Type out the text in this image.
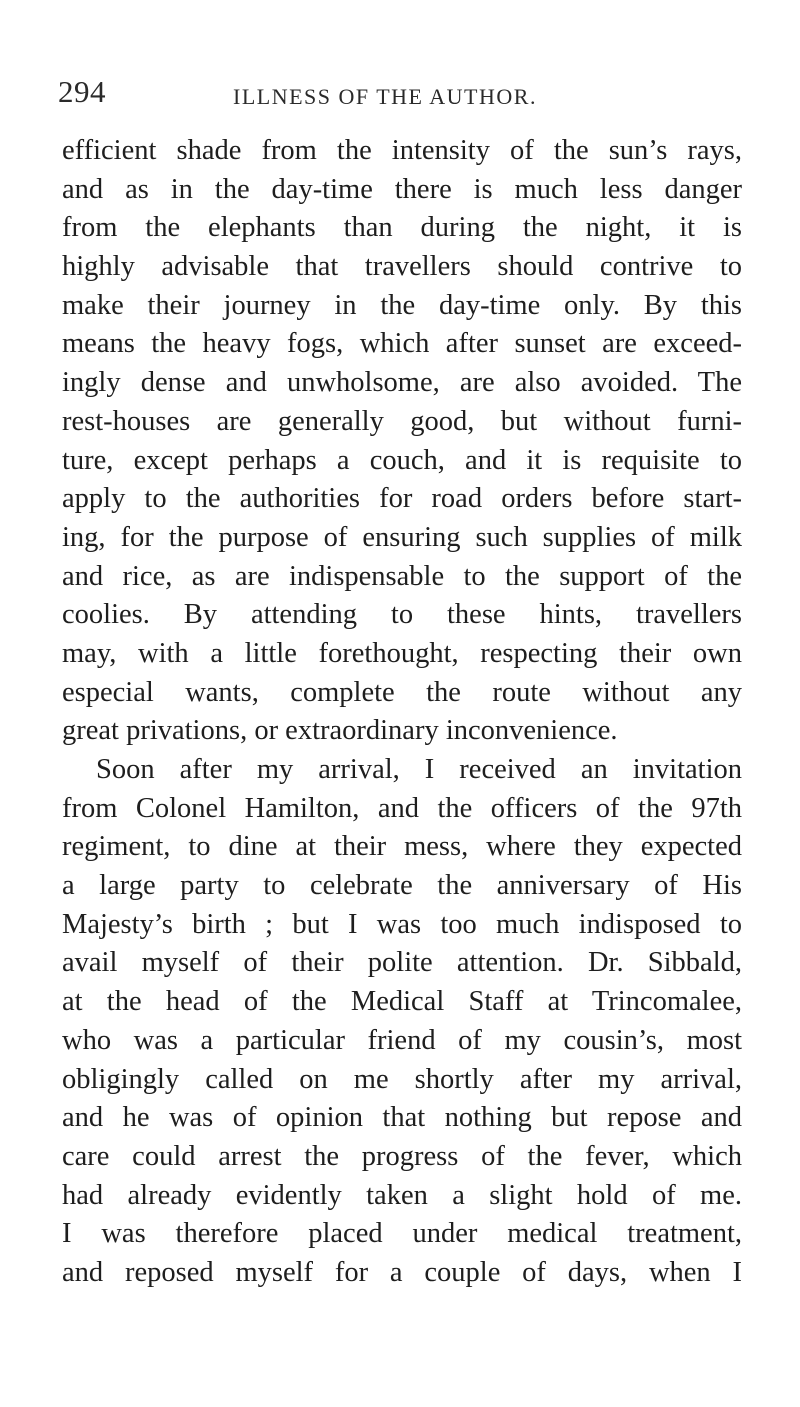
294	ILLNESS OF THE AUTHOR.
efficient shade from the intensity of the sun’s rays,
and as in the day-time there is much less danger
from the elephants than during the night, it is
highly advisable that travellers should contrive to
make their journey in the day-time only. By this
means the heavy fogs, which after sunset are exceed-
ingly dense and unwholsome, are also avoided. The
rest-houses are generally good, but without furni-
ture, except perhaps a couch, and it is requisite to
apply to the authorities for road orders before start-
ing, for the purpose of ensuring such supplies of milk
and rice, as are indispensable to the support of the
coolies. By attending to these hints, travellers
may, with a little forethought, respecting their own
especial wants, complete the route without any
great privations, or extraordinary inconvenience.
Soon after my arrival, I received an invitation
from Colonel Hamilton, and the officers of the 97th
regiment, to dine at their mess, where they expected
a large party to celebrate the anniversary of His
Majesty’s birth ; but I was too much indisposed to
avail myself of their polite attention. Dr. Sibbald,
at the head of the Medical Staff at Trincomalee,
who was a particular friend of my cousin’s, most
obligingly called on me shortly after my arrival,
and he was of opinion that nothing but repose and
care could arrest the progress of the fever, which
had already evidently taken a slight hold of me.
I was therefore placed under medical treatment,
and reposed myself for a couple of days, when I
